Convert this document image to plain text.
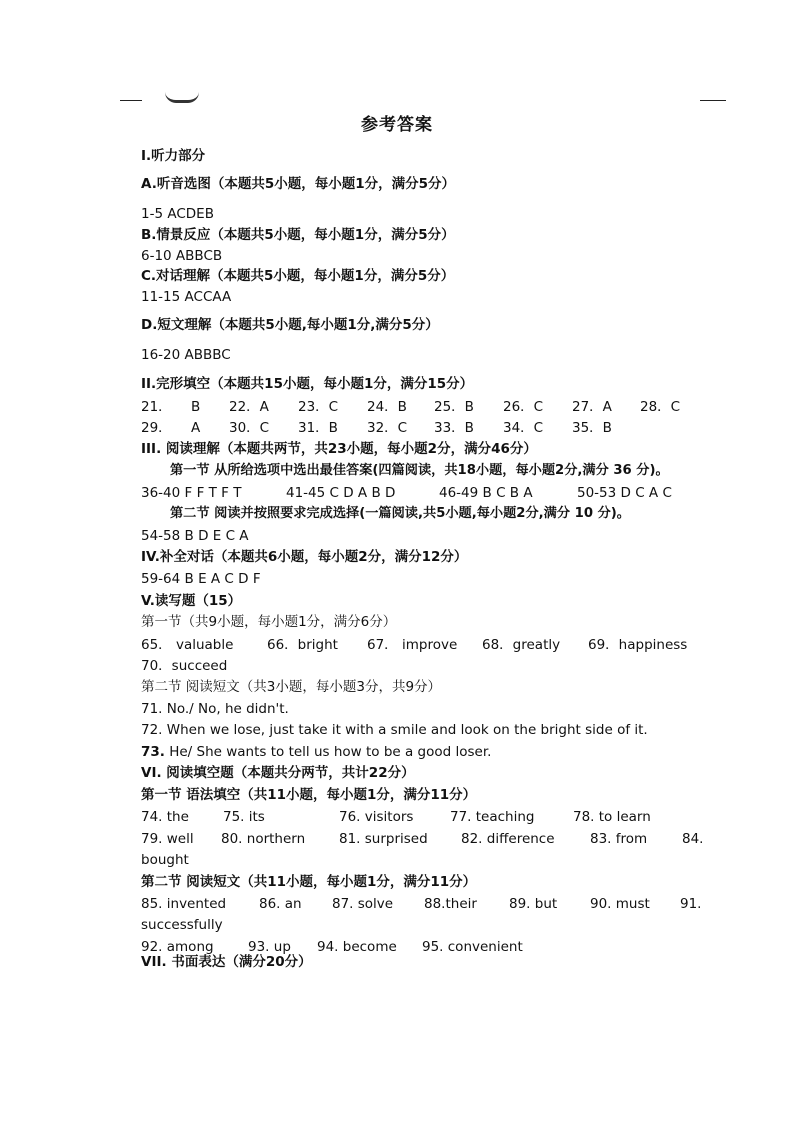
参考答案
I.听力部分
A.听音选图（本题共5小题，每小题1分，满分5分）
1-5 ACDEB
B.情景反应（本题共5小题，每小题1分，满分5分）
6-10 ABBCB
C.对话理解（本题共5小题，每小题1分，满分5分）
11-15 ACCAA
D.短文理解（本题共5小题,每小题1分,满分5分）
16-20 ABBBC
II.完形填空（本题共15小题，每小题1分，满分15分）
21． B 22．A 23．C 24．B 25．B 26．C 27．A 28．C
29． A 30．C 31．B 32．C 33．B 34．C 35．B
III. 阅读理解（本题共两节，共23小题，每小题2分，满分46分）
第一节 从所给选项中选出最佳答案(四篇阅读，共18小题，每小题2分,满分 36 分)。
36-40 F F T F T	41-45 C D A B D	46-49 B C B A	50-53 D C A C
第二节 阅读并按照要求完成选择(一篇阅读,共5小题,每小题2分,满分 10 分)。
54-58 B D E C A
IV.补全对话（本题共6小题，每小题2分，满分12分）
59-64 B E A C D F
V.读写题（15）
第一节（共9小题，每小题1分，满分6分）
65． valuable 66．bright 67． improve 68．greatly 69．happiness
70．succeed
第二节 阅读短文（共3小题，每小题3分，共9分）
71. No./ No, he didn't.
72. When we lose, just take it with a smile and look on the bright side of it.
73. He/ She wants to tell us how to be a good loser.
VI. 阅读填空题（本题共分两节，共计22分）
第一节 语法填空（共11小题，每小题1分，满分11分）
74. the	75. its	76. visitors	77. teaching	78. to learn
79. well 80. northern	81. surprised 82. difference	83. from	84.
bought
第二节 阅读短文（共11小题，每小题1分，满分11分）
85. invented 86. an 87. solve 88.their 89. but 90. must 91.
successfully
92. among	93. up 94. become 95. convenient
VII. 书面表达（满分20分）
